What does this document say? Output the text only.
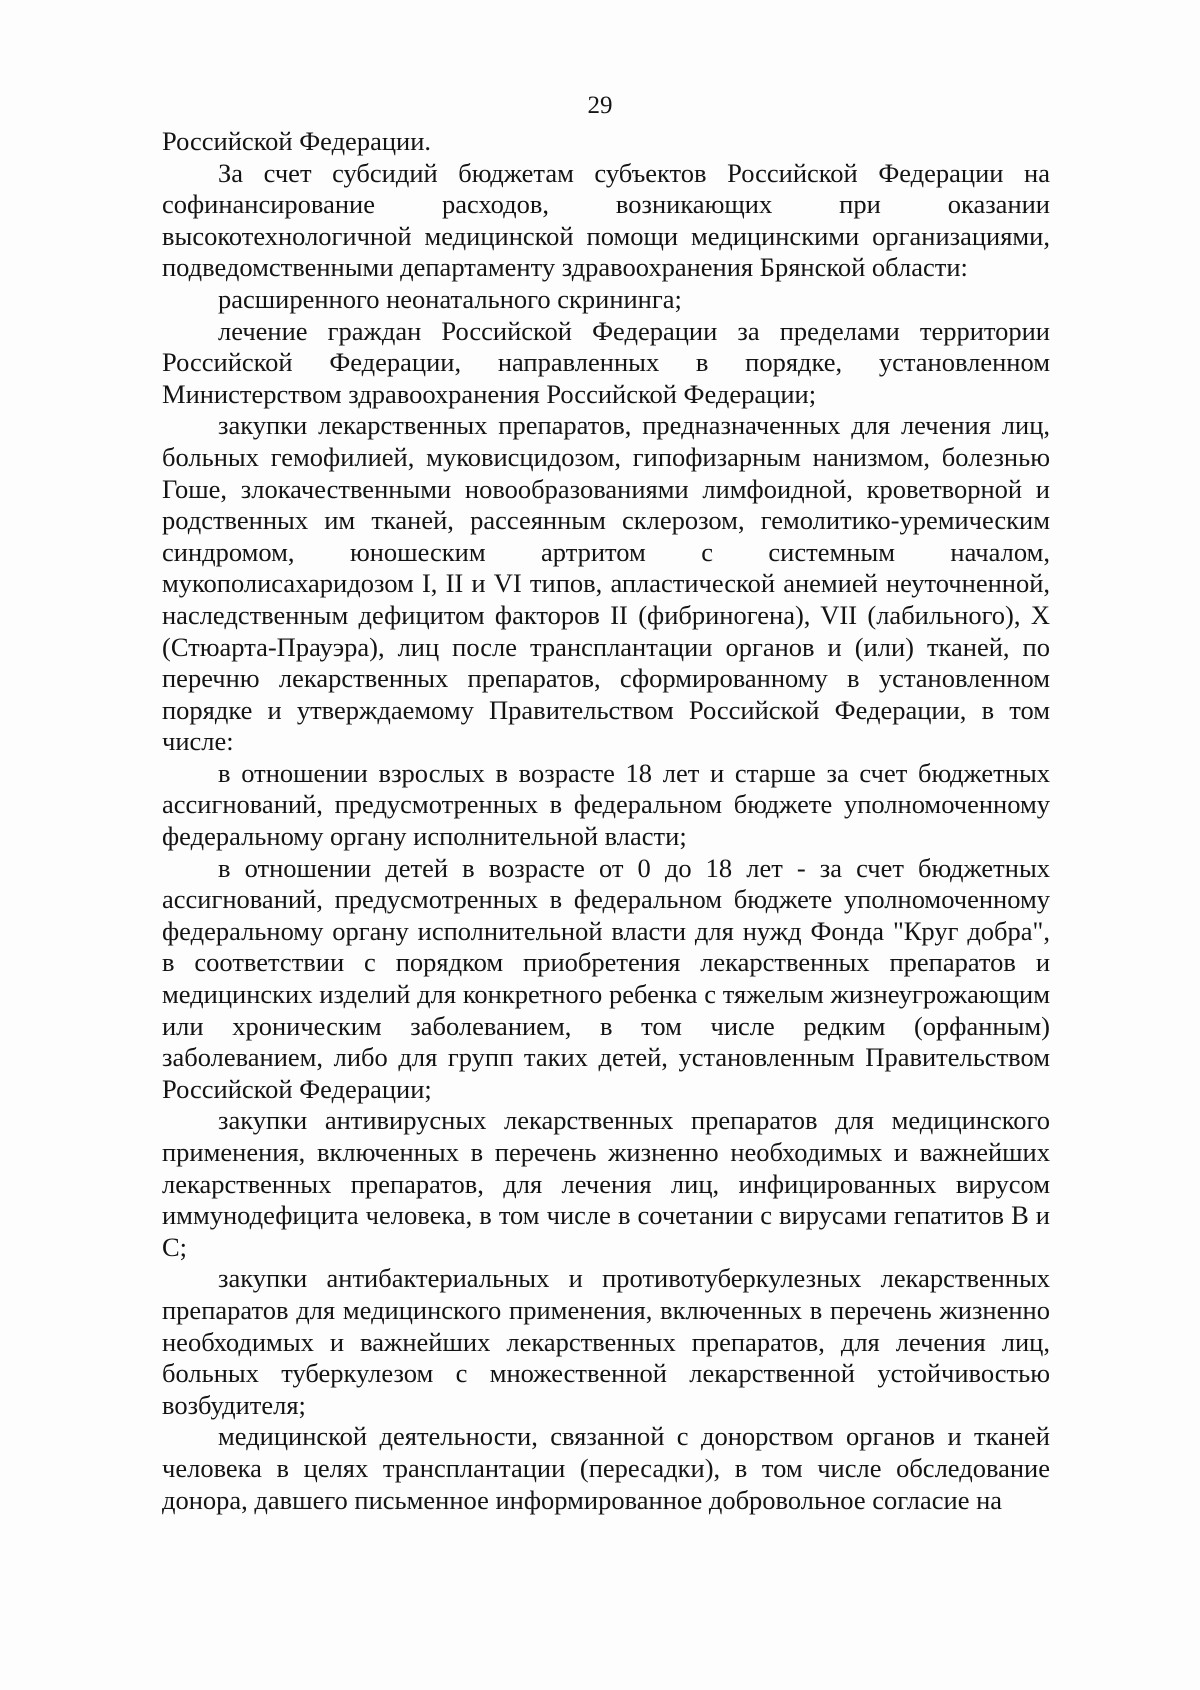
29

Российской Федерации.

За счет субсидий бюджетам субъектов Российской Федерации на софинансирование расходов, возникающих при оказании высокотехнологичной медицинской помощи медицинскими организациями, подведомственными департаменту здравоохранения Брянской области:

расширенного неонатального скрининга;

лечение граждан Российской Федерации за пределами территории Российской Федерации, направленных в порядке, установленном Министерством здравоохранения Российской Федерации;

закупки лекарственных препаратов, предназначенных для лечения лиц, больных гемофилией, муковисцидозом, гипофизарным нанизмом, болезнью Гоше, злокачественными новообразованиями лимфоидной, кроветворной и родственных им тканей, рассеянным склерозом, гемолитико-уремическим синдромом, юношеским артритом с системным началом, мукополисахаридозом I, II и VI типов, апластической анемией неуточненной, наследственным дефицитом факторов II (фибриногена), VII (лабильного), X (Стюарта-Прауэра), лиц после трансплантации органов и (или) тканей, по перечню лекарственных препаратов, сформированному в установленном порядке и утверждаемому Правительством Российской Федерации, в том числе:

в отношении взрослых в возрасте 18 лет и старше за счет бюджетных ассигнований, предусмотренных в федеральном бюджете уполномоченному федеральному органу исполнительной власти;

в отношении детей в возрасте от 0 до 18 лет - за счет бюджетных ассигнований, предусмотренных в федеральном бюджете уполномоченному федеральному органу исполнительной власти для нужд Фонда "Круг добра", в соответствии с порядком приобретения лекарственных препаратов и медицинских изделий для конкретного ребенка с тяжелым жизнеугрожающим или хроническим заболеванием, в том числе редким (орфанным) заболеванием, либо для групп таких детей, установленным Правительством Российской Федерации;

закупки антивирусных лекарственных препаратов для медицинского применения, включенных в перечень жизненно необходимых и важнейших лекарственных препаратов, для лечения лиц, инфицированных вирусом иммунодефицита человека, в том числе в сочетании с вирусами гепатитов B и C;

закупки антибактериальных и противотуберкулезных лекарственных препаратов для медицинского применения, включенных в перечень жизненно необходимых и важнейших лекарственных препаратов, для лечения лиц, больных туберкулезом с множественной лекарственной устойчивостью возбудителя;

медицинской деятельности, связанной с донорством органов и тканей человека в целях трансплантации (пересадки), в том числе обследование донора, давшего письменное информированное добровольное согласие на
